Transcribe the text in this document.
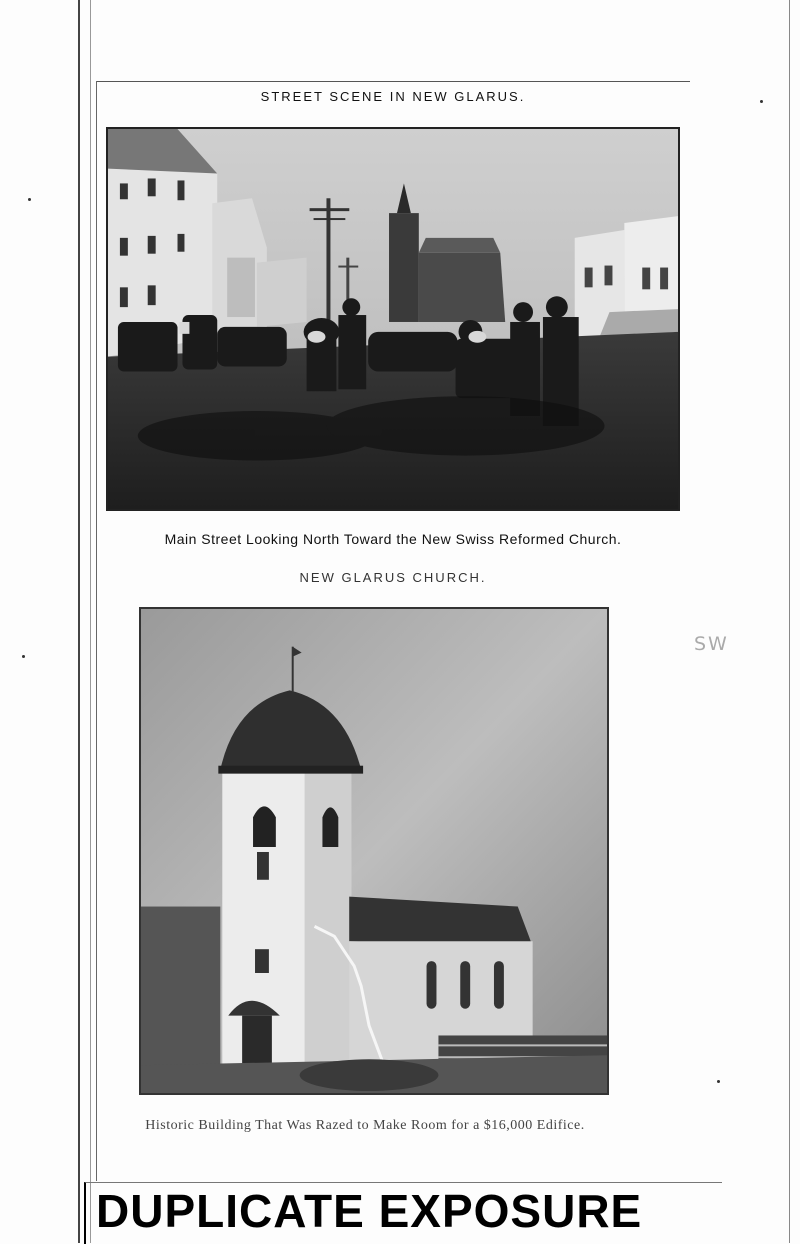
STREET SCENE IN NEW GLARUS.
Main Street Looking North Toward the New Swiss Reformed Church.
NEW GLARUS CHURCH.
Historic Building That Was Razed to Make Room for a $16,000 Edifice.
SW
DUPLICATE EXPOSURE
